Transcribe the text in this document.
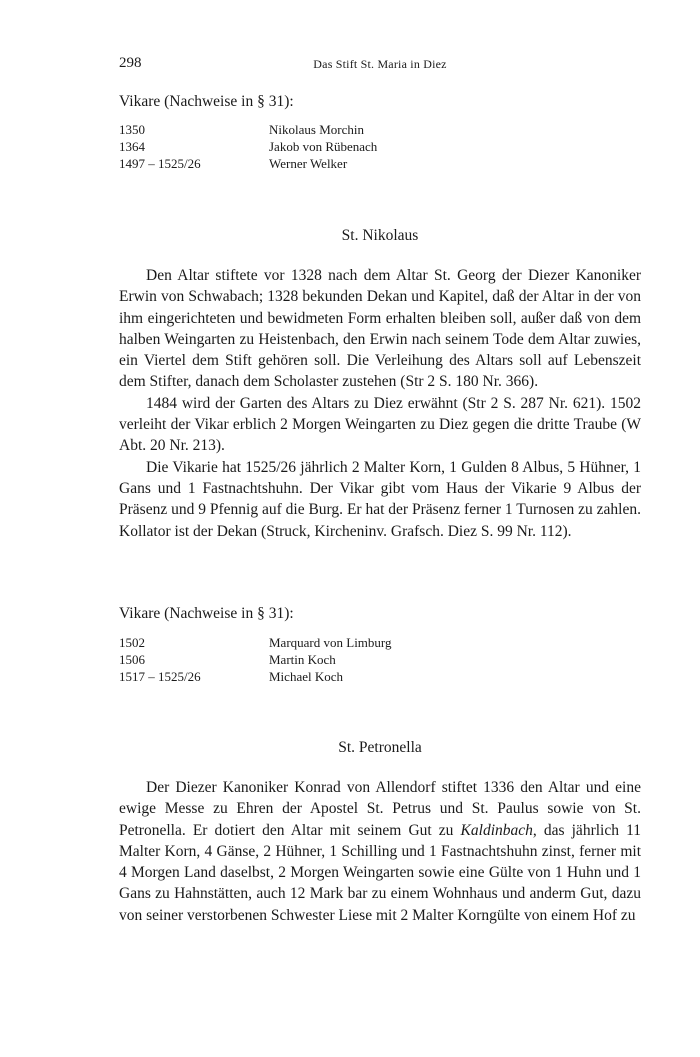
298	Das Stift St. Maria in Diez
Vikare (Nachweise in § 31):
1350	Nikolaus Morchin
1364	Jakob von Rübenach
1497 – 1525/26	Werner Welker
St. Nikolaus

Den Altar stiftete vor 1328 nach dem Altar St. Georg der Diezer Kanoniker Erwin von Schwabach; 1328 bekunden Dekan und Kapitel, daß der Altar in der von ihm eingerichteten und bewidmeten Form erhalten bleiben soll, außer daß von dem halben Weingarten zu Heistenbach, den Erwin nach seinem Tode dem Altar zuwies, ein Viertel dem Stift gehören soll. Die Verleihung des Altars soll auf Lebenszeit dem Stifter, danach dem Scholaster zustehen (Str 2 S. 180 Nr. 366).

1484 wird der Garten des Altars zu Diez erwähnt (Str 2 S. 287 Nr. 621). 1502 verleiht der Vikar erblich 2 Morgen Weingarten zu Diez gegen die dritte Traube (W Abt. 20 Nr. 213).

Die Vikarie hat 1525/26 jährlich 2 Malter Korn, 1 Gulden 8 Albus, 5 Hühner, 1 Gans und 1 Fastnachtshuhn. Der Vikar gibt vom Haus der Vikarie 9 Albus der Präsenz und 9 Pfennig auf die Burg. Er hat der Präsenz ferner 1 Turnosen zu zahlen. Kollator ist der Dekan (Struck, Kircheninv. Grafsch. Diez S. 99 Nr. 112).

Vikare (Nachweise in § 31):
1502	Marquard von Limburg
1506	Martin Koch
1517 – 1525/26	Michael Koch
St. Petronella

Der Diezer Kanoniker Konrad von Allendorf stiftet 1336 den Altar und eine ewige Messe zu Ehren der Apostel St. Petrus und St. Paulus sowie von St. Petronella. Er dotiert den Altar mit seinem Gut zu Kaldinbach, das jährlich 11 Malter Korn, 4 Gänse, 2 Hühner, 1 Schilling und 1 Fastnachtshuhn zinst, ferner mit 4 Morgen Land daselbst, 2 Morgen Weingarten sowie eine Gülte von 1 Huhn und 1 Gans zu Hahnstätten, auch 12 Mark bar zu einem Wohnhaus und anderm Gut, dazu von seiner verstorbenen Schwester Liese mit 2 Malter Korngülte von einem Hof zu
